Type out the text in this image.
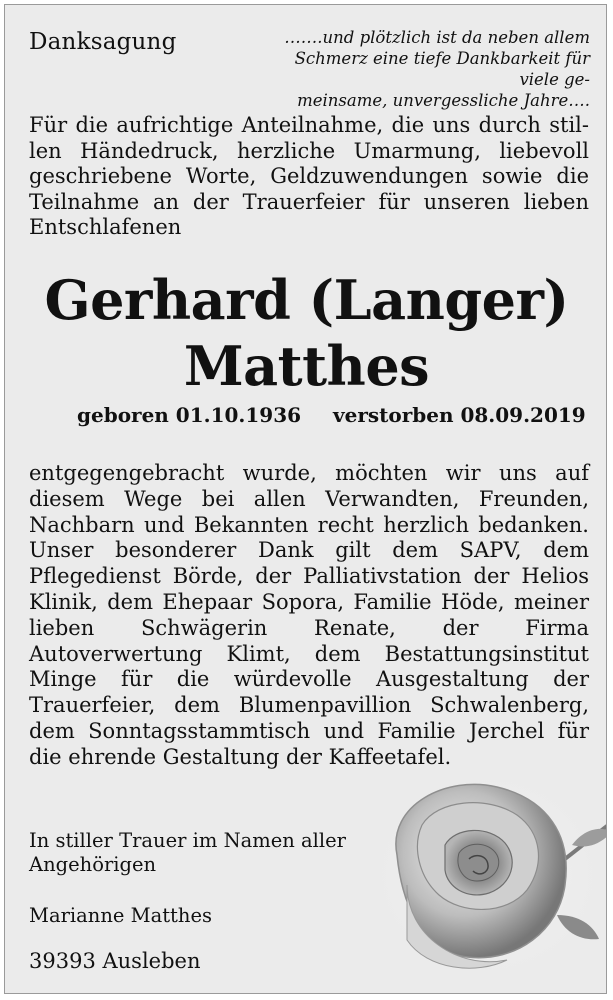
Danksagung	…….und plötzlich ist da neben allem
Schmerz eine tiefe Dankbarkeit für viele ge-
meinsame, unvergessliche Jahre….
Für die aufrichtige Anteilnahme, die uns durch stil-
len Händedruck, herzliche Umarmung, liebevoll
geschriebene Worte, Geldzuwendungen sowie die
Teilnahme an der Trauerfeier für unseren lieben
Entschlafenen
Gerhard (Langer)
Matthes
geboren 01.10.1936 verstorben 08.09.2019
entgegengebracht wurde, möchten wir uns auf
diesem Wege bei allen Verwandten, Freunden,
Nachbarn und Bekannten recht herzlich bedanken.
Unser besonderer Dank gilt dem SAPV, dem
Pflegedienst Börde, der Palliativstation der Helios
Klinik, dem Ehepaar Sopora, Familie Höde, meiner
lieben Schwägerin Renate, der Firma
Autoverwertung Klimt, dem Bestattungsinstitut
Minge für die würdevolle Ausgestaltung der
Trauerfeier, dem Blumenpavillion Schwalenberg,
dem Sonntagsstammtisch und Familie Jerchel für
die ehrende Gestaltung der Kaffeetafel.
In stiller Trauer im Namen aller
Angehörigen
Marianne Matthes
39393 Ausleben
